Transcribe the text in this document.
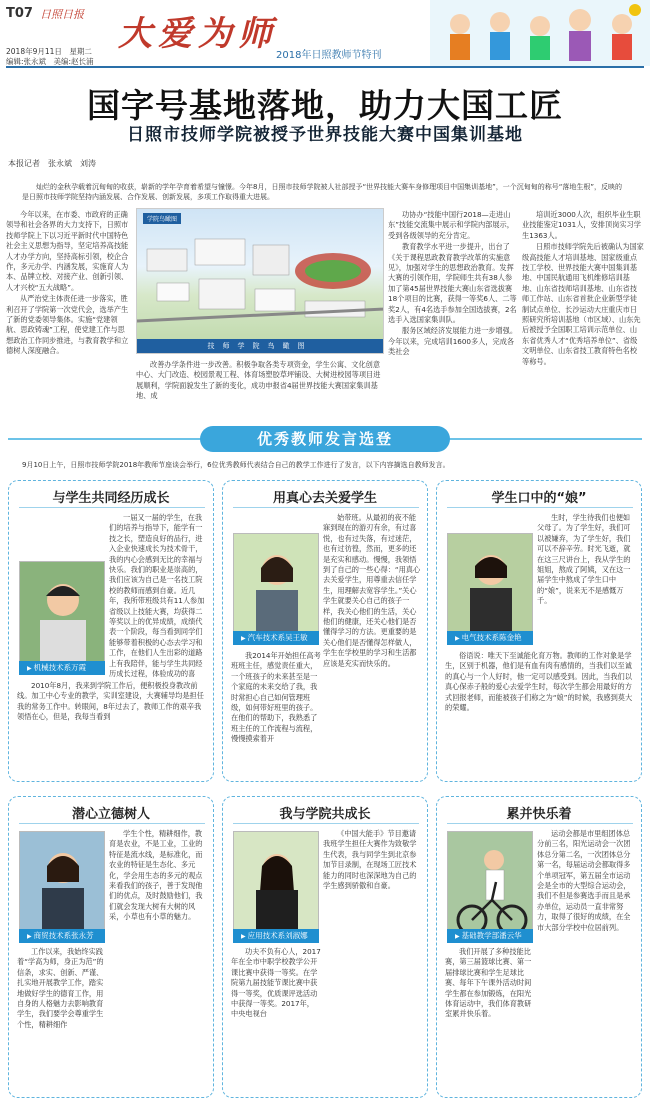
T07 日照日报
2018年9月11日　星期二
编辑:张永斌　美编:赵长浦
大爱为师
2018年日照教师节特刊
国字号基地落地，助力大国工匠
日照市技师学院被授予世界技能大赛中国集训基地
本报记者　张永斌　刘涛

灿烂的金秋孕载着沉甸甸的收获，崭新的学年孕育着希望与憧憬。今年8月，日照市技师学院被人社部授予“世界技能大赛车身修理项目中国集训基地”，一个沉甸甸的称号“落地生根”，反映的是日照市技师学院坚持内涵发展、合作发展、创新发展，多项工作取得重大进展。

今年以来，在市委、市政府的正确领导和社会各界的大力支持下，日照市技师学院上下以习近平新时代中国特色社会主义思想为指导，坚定培养高技能人才办学方向，坚持高标引领，校企合作，多元办学、内涵发展，实施育人为本、品牌立校、对接产业、创新引领、人才兴校“五大战略”。

从严治党主体责任进一步落实，胜利召开了学院第一次党代会，选举产生了新的党委领导集体。实施“党建领航、思政铸魂”工程，使党建工作与思想政治工作同步推进，与教育教学和立德树人深度融合。

学院鸟瞰图
技师学院鸟瞰图

改善办学条件进一步改善。积极争取各类专项资金，学生公寓、文化创意中心、大门改造、校园景观工程、体育场塑胶草坪铺设、大树进校园等项目进展顺利，学院面貌发生了新的变化，成功申报省4届世界技能大赛国家集训基地、成

功协办“技能中国行2018—走进山东”技能交流集中展示和学院内部展示，受到各级领导的充分肯定。

教育教学水平进一步提升，出台了《关于课程思政教育教学改革的实施意见》，加强对学生的思想政治教育。发挥大赛的引领作用，学院师生共有38人参加了第45届世界技能大赛山东省选拔赛18个项目的比赛，获得一等奖6人、二等奖2人，有4名选手参加全国选拔赛，2名选手入选国家集训队。

服务区域经济发展能力进一步增强。今年以来，完成培训1600多人，完成各类社会

培训近3000人次，组织毕业生职业技能鉴定1031人，安排顶岗实习学生1363人。

日照市技师学院先后被确认为国家级高技能人才培训基地、国家级重点技工学校、世界技能大赛中国集训基地、中国民航通用飞机维修培训基地、山东省技师培训基地、山东省技师工作站、山东省首批企业新型学徒制试点单位、长沙运动大庄重庆市日照研究所培训基地（市区域）、山东先后被授予全国职工培训示范单位、山东省优秀人才“优秀培养单位”、省级文明单位、山东省技工教育特色名校等称号。

优秀教师发言选登

9月10日上午，日照市技师学院2018年教师节座谈会举行，6位优秀教师代表结合自己的教学工作进行了发言，以下内容摘选自教师发言。

与学生共同经历成长
▶ 机械技术系万霞
一届又一届的学生，在我们的培养与指导下，能学有一技之长，塑造良好的品行，进入企业快速成长为技术骨干，我的内心会感到无比的幸福与快乐。我们的职业是崇高的，我们应该为自己是一名技工院校的教师而感到自豪。近几年，我所带班级共有11人参加省级以上技能大赛，均获得二等奖以上的优异成绩，成绩代表一个阶段，每当看到同学们能够带着积极的心态去学习和工作，在他们人生出彩的道路上有我陪伴，能与学生共同经历成长过程，体验成功的喜
2010年8月，我来到学院工作后，便积极投身教改前线。加工中心专业的教学，实训室建设，大赛辅导均是担任我的常务工作中。转眼间，8年过去了，教师工作的艰辛我领悟在心，但是，我每当看到
用真心去关爱学生
▶ 汽车技术系吴王敏
始带班。从最初的夜不能寐到现在的游刃有余，有过喜悦，也有过失落，有过迷茫，也有过彷徨，然而，更多的还是充实和感动。慢慢，我领悟到了自己的一些心得：“用真心去关爱学生，用尊重去信任学生，用理解去宽容学生。”关心学生就要关心自己的孩子一样，我关心他们的生活，关心他们的健康，还关心他们是否懂得学习的方法。更重要的是关心他们是否懂得怎样做人，学生在学校里的学习和生活都应该是充实而快乐的。
我2014年开始担任高考班班主任，感觉责任重大，一个班孩子的未来甚至是一个家庭的未来交给了我，我时常担心自己如何管理班级，如何带好班里的孩子。在他们的帮助下，我熟悉了班主任的工作流程与流程，慢慢摸索着开
学生口中的“娘”
▶ 电气技术系陈金艳
生时，学生待我们也便如父母了。为了学生好，我们可以被嫌弃，为了学生好，我们可以不辞辛劳。时光飞逝，就在这三尺讲台上，我从学生的姐姐，熬成了阿姨，又在这一届学生中熬成了学生口中的“娘”，说来无不是感慨万千。
俗语说：唯天下至诚能化育万物。教师的工作对象是学生，区别于机器，他们是有血有肉有感情的，当我们以至诚的真心与一个人好时，他一定可以感受到。因此，当我们以真心保赤子般的爱心去爱学生时，每次学生都会用最好的方式回报老师，而能被孩子们称之为“娘”的时候，我感到莫大的荣耀。
潜心立德树人
▶ 商贸技术系张永芳
学生个性，精耕细作，教育是农业，不是工业，工业的特征是流水线，是标准化，而农业的特征是生态化、多元化，学会用生态的多元的观点来看我们的孩子，善于发现他们的优点，及时鼓励他们，我们就会发现大树有大树的风采，小草也有小草的魅力。
工作以来，我始终实践着“学高为师，身正为范”的信条，求实、创新、严谨、扎实地开展教学工作，踏实地做好学生的德育工作，用自身的人格魅力去影响教育学生，我们要学会尊重学生个性，精耕细作
我与学院共成长
▶ 应用技术系刘淑娜
《中国大能手》节目邀请我班学生担任大赛作为致敬学生代表，我与同学生到北京参加节目录制，在现场工匠技术能力的同时也深深地为自己的学生感到骄傲和自豪。
功夫不负有心人，2017年在全市中职学校教学公开课比赛中获得一等奖。在学院第九届技能节课比赛中获得一等奖，优质课评选活动中获得一等奖。2017年，中央电视台
累并快乐着
▶ 基础教学部潘云华
运动会都是市里组团体总分前三名，阳光运动会一次团体总分第二名，一次团体总分第一名，每届运动会都取得多个单项冠军，第五届全市运动会是全市的大型综合运动会，我们不但是参赛选手而且是承办单位，运动员一直非常努力，取得了很好的成绩，在全市大部分学校中位居前列。
我们开展了多种技能比赛，第三届篮球比赛、第一届排球比赛和学生足球比赛、每年下午课外活动时间学生都在参加锻炼，在阳光体育运动中，我们体育教研室累并快乐着。
